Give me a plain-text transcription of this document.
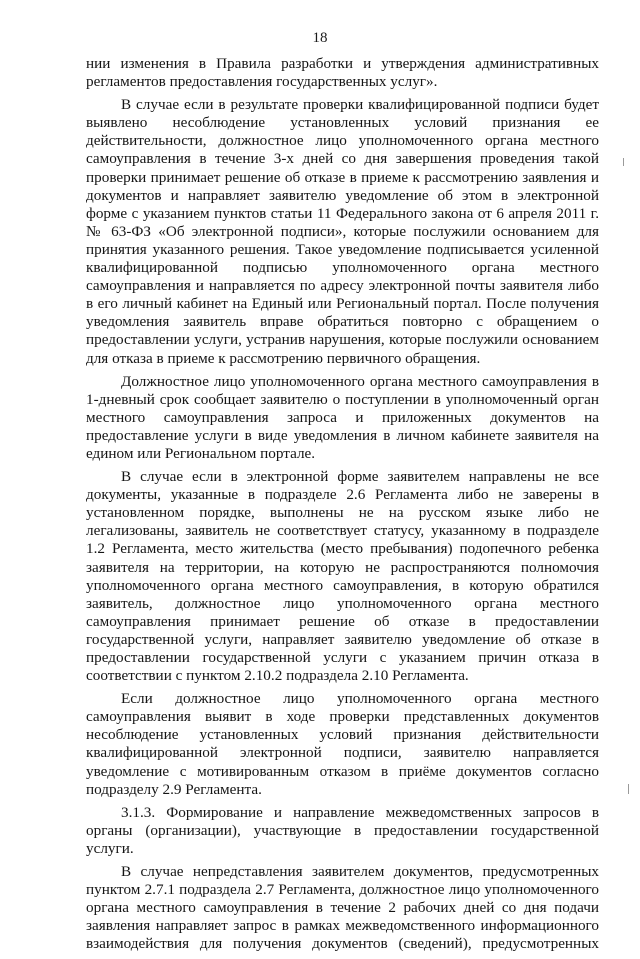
18

нии изменения в Правила разработки и утверждения административных регламентов предоставления государственных услуг».

В случае если в результате проверки квалифицированной подписи будет выявлено несоблюдение установленных условий признания ее действительности, должностное лицо уполномоченного органа местного самоуправления в течение 3-х дней со дня завершения проведения такой проверки принимает решение об отказе в приеме к рассмотрению заявления и документов и направляет заявителю уведомление об этом в электронной форме с указанием пунктов статьи 11 Федерального закона от 6 апреля 2011 г. № 63-ФЗ «Об электронной подписи», которые послужили основанием для принятия указанного решения. Такое уведомление подписывается усиленной квалифицированной подписью уполномоченного органа местного самоуправления и направляется по адресу электронной почты заявителя либо в его личный кабинет на Единый или Региональный портал. После получения уведомления заявитель вправе обратиться повторно с обращением о предоставлении услуги, устранив нарушения, которые послужили основанием для отказа в приеме к рассмотрению первичного обращения.

Должностное лицо уполномоченного органа местного самоуправления в 1-дневный срок сообщает заявителю о поступлении в уполномоченный орган местного самоуправления запроса и приложенных документов на предоставление услуги в виде уведомления в личном кабинете заявителя на едином или Региональном портале.

В случае если в электронной форме заявителем направлены не все документы, указанные в подразделе 2.6 Регламента либо не заверены в установленном порядке, выполнены не на русском языке либо не легализованы, заявитель не соответствует статусу, указанному в подразделе 1.2 Регламента, место жительства (место пребывания) подопечного ребенка заявителя на территории, на которую не распространяются полномочия уполномоченного органа местного самоуправления, в которую обратился заявитель, должностное лицо уполномоченного органа местного самоуправления принимает решение об отказе в предоставлении государственной услуги, направляет заявителю уведомление об отказе в предоставлении государственной услуги с указанием причин отказа в соответствии с пунктом 2.10.2 подраздела 2.10 Регламента.

Если должностное лицо уполномоченного органа местного самоуправления выявит в ходе проверки представленных документов несоблюдение установленных условий признания действительности квалифицированной электронной подписи, заявителю направляется уведомление с мотивированным отказом в приёме документов согласно подразделу 2.9 Регламента.

3.1.3. Формирование и направление межведомственных запросов в органы (организации), участвующие в предоставлении государственной услуги.

В случае непредставления заявителем документов, предусмотренных пунктом 2.7.1 подраздела 2.7 Регламента, должностное лицо уполномоченного органа местного самоуправления в течение 2 рабочих дней со дня подачи заявления направляет запрос в рамках межведомственного информационного взаимодействия для получения документов (сведений), предусмотренных
